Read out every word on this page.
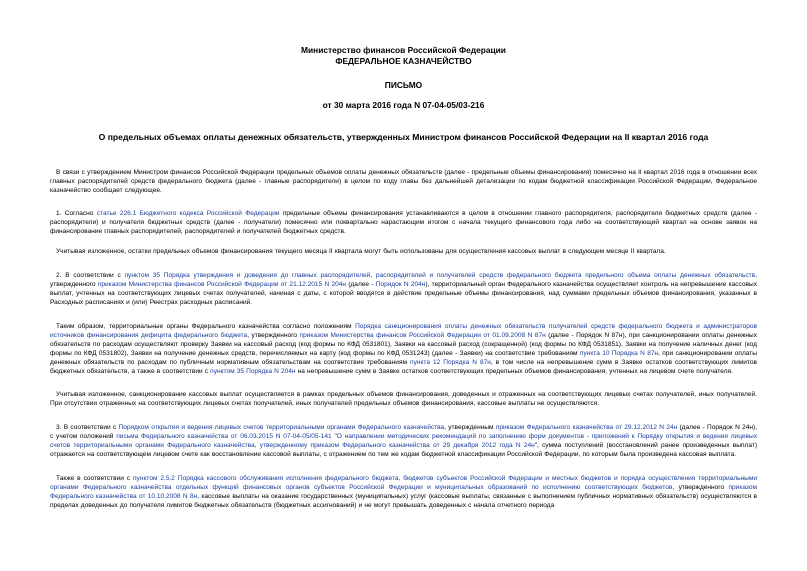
Министерство финансов Российской Федерации
ФЕДЕРАЛЬНОЕ КАЗНАЧЕЙСТВО
ПИСЬМО
от 30 марта 2016 года N 07-04-05/03-216
О предельных объемах оплаты денежных обязательств, утвержденных Министром финансов Российской Федерации на II квартал 2016 года

В связи с утверждением Министром финансов Российской Федерации предельных объемов оплаты денежных обязательств (далее - предельные объемы финансирования) помесячно на II квартал 2016 года в отношении всех главных распорядителей средств федерального бюджета (далее - главные распорядители) в целом по коду главы без дальнейшей детализации по кодам бюджетной классификации Российской Федерации, Федеральное казначейство сообщает следующее.

1. Согласно статье 226.1 Бюджетного кодекса Российской Федерации предельные объемы финансирования устанавливаются в целом в отношении главного распорядителя, распорядителя бюджетных средств (далее - распорядители) и получателя бюджетных средств (далее - получатели) помесячно или поквартально нарастающим итогом с начала текущего финансового года либо на соответствующий квартал на основе заявок на финансирование главных распорядителей, распорядителей и получателей бюджетных средств.

Учитывая изложенное, остатки предельных объемов финансирования текущего месяца II квартала могут быть использованы для осуществления кассовых выплат в следующем месяце II квартала.

2. В соответствии с пунктом 35 Порядка утверждения и доведения до главных распорядителей, распорядителей и получателей средств федерального бюджета предельного объема оплаты денежных обязательств, утвержденного приказом Министерства финансов Российской Федерации от 21.12.2015 N 204н (далее - Порядок N 204н), территориальный орган Федерального казначейства осуществляет контроль на непревышение кассовых выплат, учтенных на соответствующих лицевых счетах получателей, начиная с даты, с которой вводятся в действие предельные объемы финансирования, над суммами предельных объемов финансирования, указанных в Расходных расписаниях и (или) Реестрах расходных расписаний.

Таким образом, территориальные органы Федерального казначейства согласно положениям Порядка санкционирования оплаты денежных обязательств получателей средств федерального бюджета и администраторов источников финансирования дефицита федерального бюджета, утвержденного приказом Министерства финансов Российской Федерации от 01.09.2008 N 87н (далее - Порядок N 87н), при санкционировании оплаты денежных обязательств по расходам осуществляют проверку Заявки на кассовый расход (код формы по КФД 0531801), Заявки на кассовый расход (сокращенной) (код формы по КФД 0531851), Заявки на получение наличных денег (код формы по КФД 0531802), Заявки на получение денежных средств, перечисляемых на карту (код формы по КФД 0531243) (далее - Заявки) на соответствие требованиям пункта 10 Порядка N 87н, при санкционировании оплаты денежных обязательств по расходам по публичным нормативным обязательствам на соответствие требованиям пункта 12 Порядка N 87н, в том числе на непревышение сумм в Заявке остатков соответствующих лимитов бюджетных обязательств, а также в соответствии с пунктом 35 Порядка N 204н на непревышение сумм в Заявке остатков соответствующих предельных объемов финансирования, учтенных на лицевом счете получателя.

Учитывая изложенное, санкционирование кассовых выплат осуществляется в рамках предельных объемов финансирования, доведенных и отраженных на соответствующих лицевых счетах получателей, иных получателей. При отсутствии отраженных на соответствующих лицевых счетах получателей, иных получателей предельных объемов финансирования, кассовые выплаты не осуществляются.

3. В соответствии с Порядком открытия и ведения лицевых счетов территориальными органами Федерального казначейства, утвержденным приказом Федерального казначейства от 29.12.2012 N 24н (далее - Порядок N 24н), с учетом положений письма Федерального казначейства от 06.03.2015 N 07-04-05/05-141 "О направлении методических рекомендаций по заполнению форм документов - приложений к Порядку открытия и ведения лицевых счетов территориальными органами Федерального казначейства, утвержденному приказом Федерального казначейства от 29 декабря 2012 года N 24н", сумма поступлений (восстановлений ранее произведенных выплат) отражается на соответствующем лицевом счете как восстановление кассовой выплаты, с отражением по тем же кодам бюджетной классификации Российской Федерации, по которым была произведена кассовая выплата.

Также в соответствии с пунктом 2.5.2 Порядка кассового обслуживания исполнения федерального бюджета, бюджетов субъектов Российской Федерации и местных бюджетов и порядка осуществления территориальными органами Федерального казначейства отдельных функций финансовых органов субъектов Российской Федерации и муниципальных образований по исполнению соответствующих бюджетов, утвержденного приказом Федерального казначейства от 10.10.2008 N 8н, кассовые выплаты на оказание государственных (муниципальных) услуг (кассовые выплаты, связанные с выполнением публичных нормативных обязательств) осуществляются в пределах доведенных до получателя лимитов бюджетных обязательств (бюджетных ассигнований) и не могут превышать доведенных с начала отчетного периода
